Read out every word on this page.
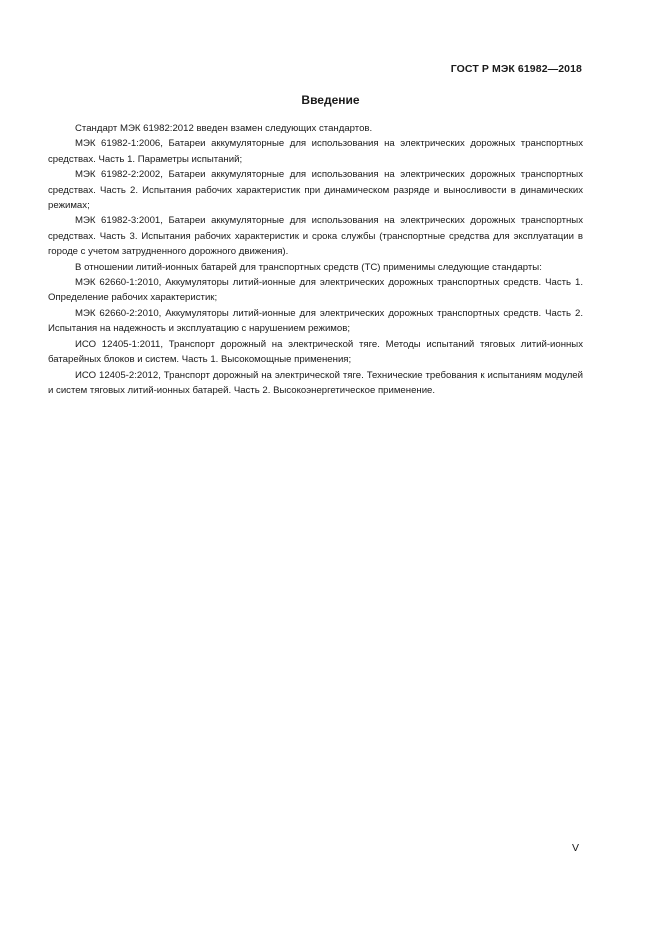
ГОСТ Р МЭК 61982—2018
Введение

Стандарт МЭК 61982:2012 введен взамен следующих стандартов.

МЭК 61982-1:2006, Батареи аккумуляторные для использования на электрических дорожных транспортных средствах. Часть 1. Параметры испытаний;

МЭК 61982-2:2002, Батареи аккумуляторные для использования на электрических дорожных транспортных средствах. Часть 2. Испытания рабочих характеристик при динамическом разряде и выносливости в динамических режимах;

МЭК 61982-3:2001, Батареи аккумуляторные для использования на электрических дорожных транспортных средствах. Часть 3. Испытания рабочих характеристик и срока службы (транспортные средства для эксплуатации в городе с учетом затрудненного дорожного движения).

В отношении литий-ионных батарей для транспортных средств (ТС) применимы следующие стандарты:

МЭК 62660-1:2010, Аккумуляторы литий-ионные для электрических дорожных транспортных средств. Часть 1. Определение рабочих характеристик;

МЭК 62660-2:2010, Аккумуляторы литий-ионные для электрических дорожных транспортных средств. Часть 2. Испытания на надежность и эксплуатацию с нарушением режимов;

ИСО 12405-1:2011, Транспорт дорожный на электрической тяге. Методы испытаний тяговых литий-ионных батарейных блоков и систем. Часть 1. Высокомощные применения;

ИСО 12405-2:2012, Транспорт дорожный на электрической тяге. Технические требования к испытаниям модулей и систем тяговых литий-ионных батарей. Часть 2. Высокоэнергетическое применение.

V
